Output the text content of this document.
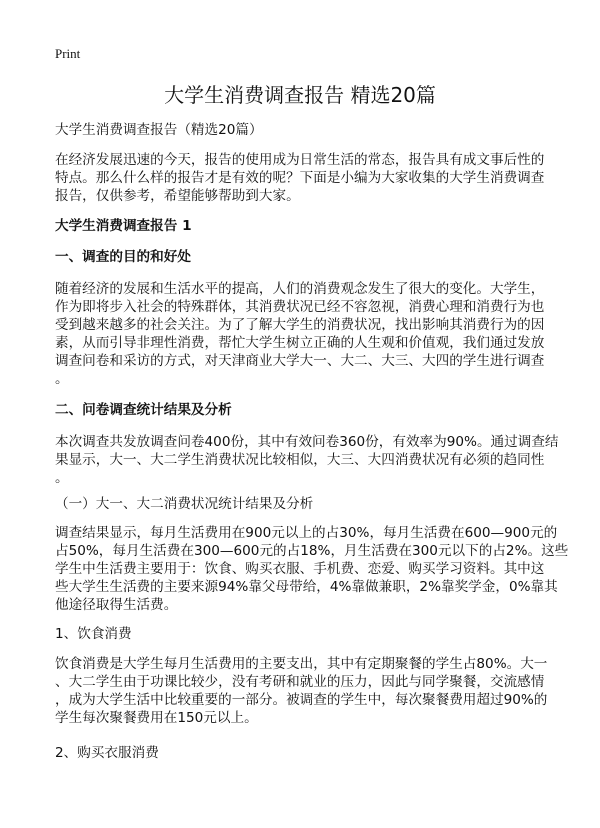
Print
大学生消费调查报告 精选20篇
大学生消费调查报告（精选20篇）
在经济发展迅速的今天，报告的使用成为日常生活的常态，报告具有成文事后性的
特点。那么什么样的报告才是有效的呢？下面是小编为大家收集的大学生消费调查
报告，仅供参考，希望能够帮助到大家。
大学生消费调查报告 1
一、调查的目的和好处
随着经济的发展和生活水平的提高，人们的消费观念发生了很大的变化。大学生，
作为即将步入社会的特殊群体，其消费状况已经不容忽视，消费心理和消费行为也
受到越来越多的社会关注。为了了解大学生的消费状况，找出影响其消费行为的因
素，从而引导非理性消费，帮忙大学生树立正确的人生观和价值观，我们通过发放
调查问卷和采访的方式，对天津商业大学大一、大二、大三、大四的学生进行调查
。
二、问卷调查统计结果及分析
本次调查共发放调查问卷400份，其中有效问卷360份，有效率为90%。通过调查结
果显示，大一、大二学生消费状况比较相似，大三、大四消费状况有必须的趋同性
。
（一）大一、大二消费状况统计结果及分析
调查结果显示，每月生活费用在900元以上的占30%，每月生活费在600—900元的
占50%，每月生活费在300—600元的占18%，月生活费在300元以下的占2%。这些
学生中生活费主要用于：饮食、购买衣服、手机费、恋爱、购买学习资料。其中这
些大学生生活费的主要来源94%靠父母带给，4%靠做兼职，2%靠奖学金，0%靠其
他途径取得生活费。
1、饮食消费
饮食消费是大学生每月生活费用的主要支出，其中有定期聚餐的学生占80%。大一
、大二学生由于功课比较少，没有考研和就业的压力，因此与同学聚餐，交流感情
，成为大学生活中比较重要的一部分。被调查的学生中，每次聚餐费用超过90%的
学生每次聚餐费用在150元以上。
2、购买衣服消费
